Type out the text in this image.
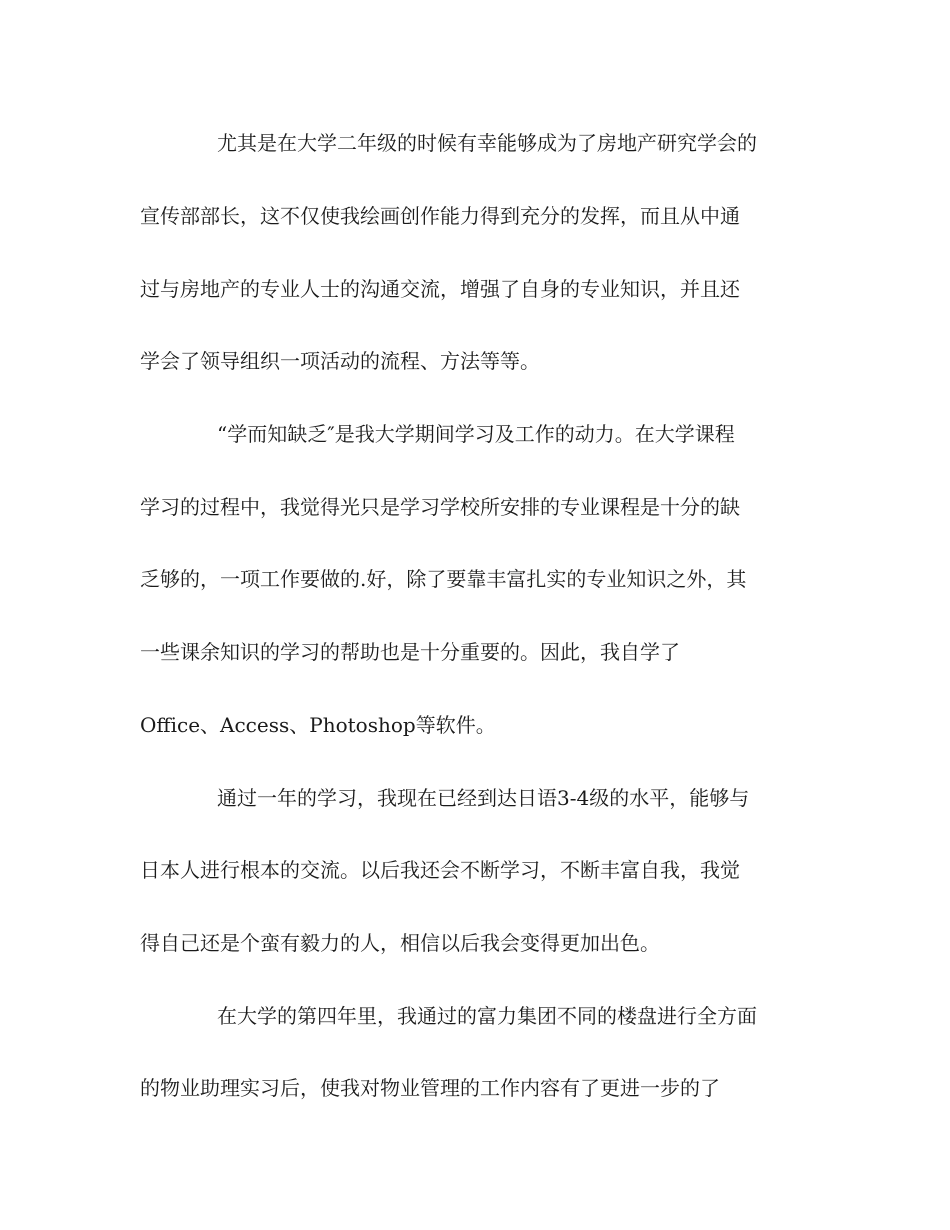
尤其是在大学二年级的时候有幸能够成为了房地产研究学会的
宣传部部长，这不仅使我绘画创作能力得到充分的发挥，而且从中通
过与房地产的专业人士的沟通交流，增强了自身的专业知识，并且还
学会了领导组织一项活动的流程、方法等等。
“学而知缺乏″是我大学期间学习及工作的动力。在大学课程
学习的过程中，我觉得光只是学习学校所安排的专业课程是十分的缺
乏够的，一项工作要做的.好，除了要靠丰富扎实的专业知识之外，其
一些课余知识的学习的帮助也是十分重要的。因此，我自学了
Office、Access、Photoshop等软件。
通过一年的学习，我现在已经到达日语3-4级的水平，能够与
日本人进行根本的交流。以后我还会不断学习，不断丰富自我，我觉
得自己还是个蛮有毅力的人，相信以后我会变得更加出色。
在大学的第四年里，我通过的富力集团不同的楼盘进行全方面
的物业助理实习后，使我对物业管理的工作内容有了更进一步的了
